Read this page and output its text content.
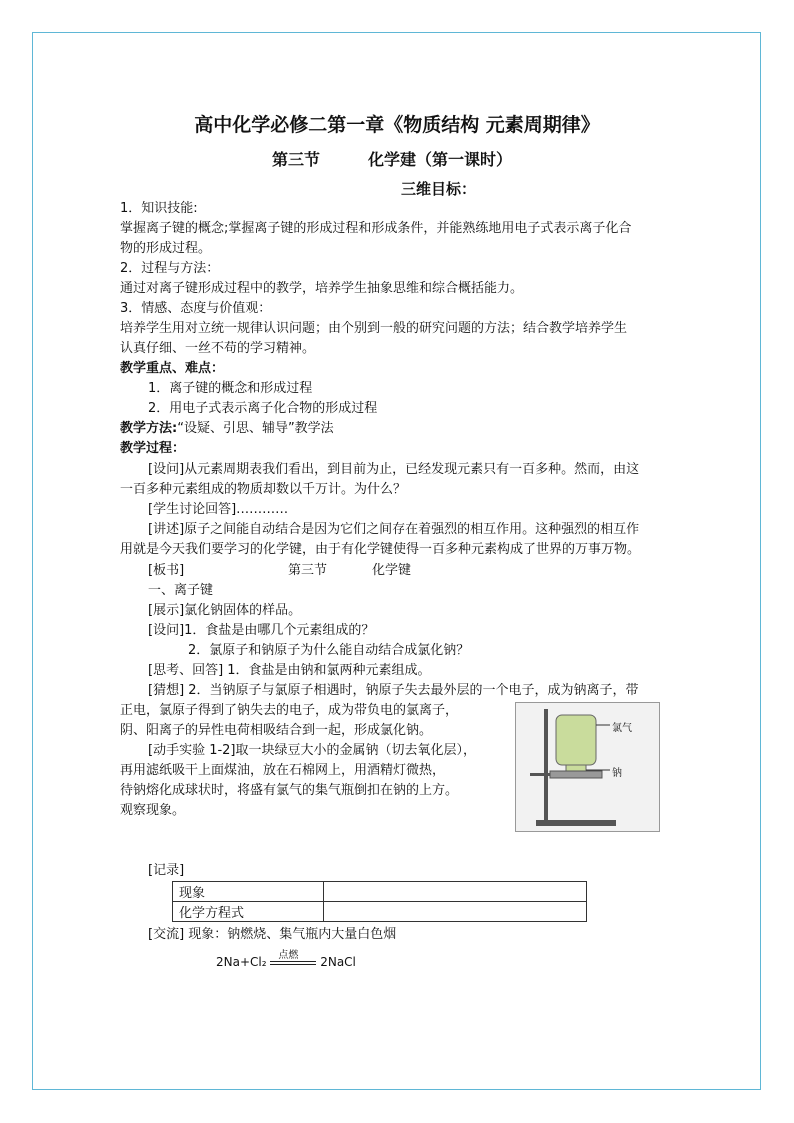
高中化学必修二第一章《物质结构 元素周期律》
第三节	化学建（第一课时）
三维目标：
1．知识技能:
掌握离子键的概念;掌握离子键的形成过程和形成条件，并能熟练地用电子式表示离子化合
物的形成过程。
2．过程与方法：
通过对离子键形成过程中的教学，培养学生抽象思维和综合概括能力。
3．情感、态度与价值观：
培养学生用对立统一规律认识问题；由个别到一般的研究问题的方法；结合教学培养学生
认真仔细、一丝不苟的学习精神。
教学重点、难点：
1．离子键的概念和形成过程
2．用电子式表示离子化合物的形成过程
教学方法:“设疑、引思、辅导”教学法
教学过程：
[设问]从元素周期表我们看出，到目前为止，已经发现元素只有一百多种。然而，由这
一百多种元素组成的物质却数以千万计。为什么？
[学生讨论回答]…………
[讲述]原子之间能自动结合是因为它们之间存在着强烈的相互作用。这种强烈的相互作
用就是今天我们要学习的化学键，由于有化学键使得一百多种元素构成了世界的万事万物。
[板书]	第三节	化学键
一、离子键
[展示]氯化钠固体的样品。
[设问]1．食盐是由哪几个元素组成的？
2．氯原子和钠原子为什么能自动结合成氯化钠？
[思考、回答] 1．食盐是由钠和氯两种元素组成。
[猜想] 2．当钠原子与氯原子相遇时，钠原子失去最外层的一个电子，成为钠离子，带
正电，氯原子得到了钠失去的电子，成为带负电的氯离子，
阴、阳离子的异性电荷相吸结合到一起，形成氯化钠。
[动手实验 1-2]取一块绿豆大小的金属钠（切去氧化层），
再用滤纸吸干上面煤油，放在石棉网上，用酒精灯微热，
待钠熔化成球状时，将盛有氯气的集气瓶倒扣在钠的上方。
观察现象。
氯气
钠
[记录]
现象	
化学方程式	
[交流] 现象：钠燃烧、集气瓶内大量白色烟
2Na+Cl₂ 点燃 2NaCl
